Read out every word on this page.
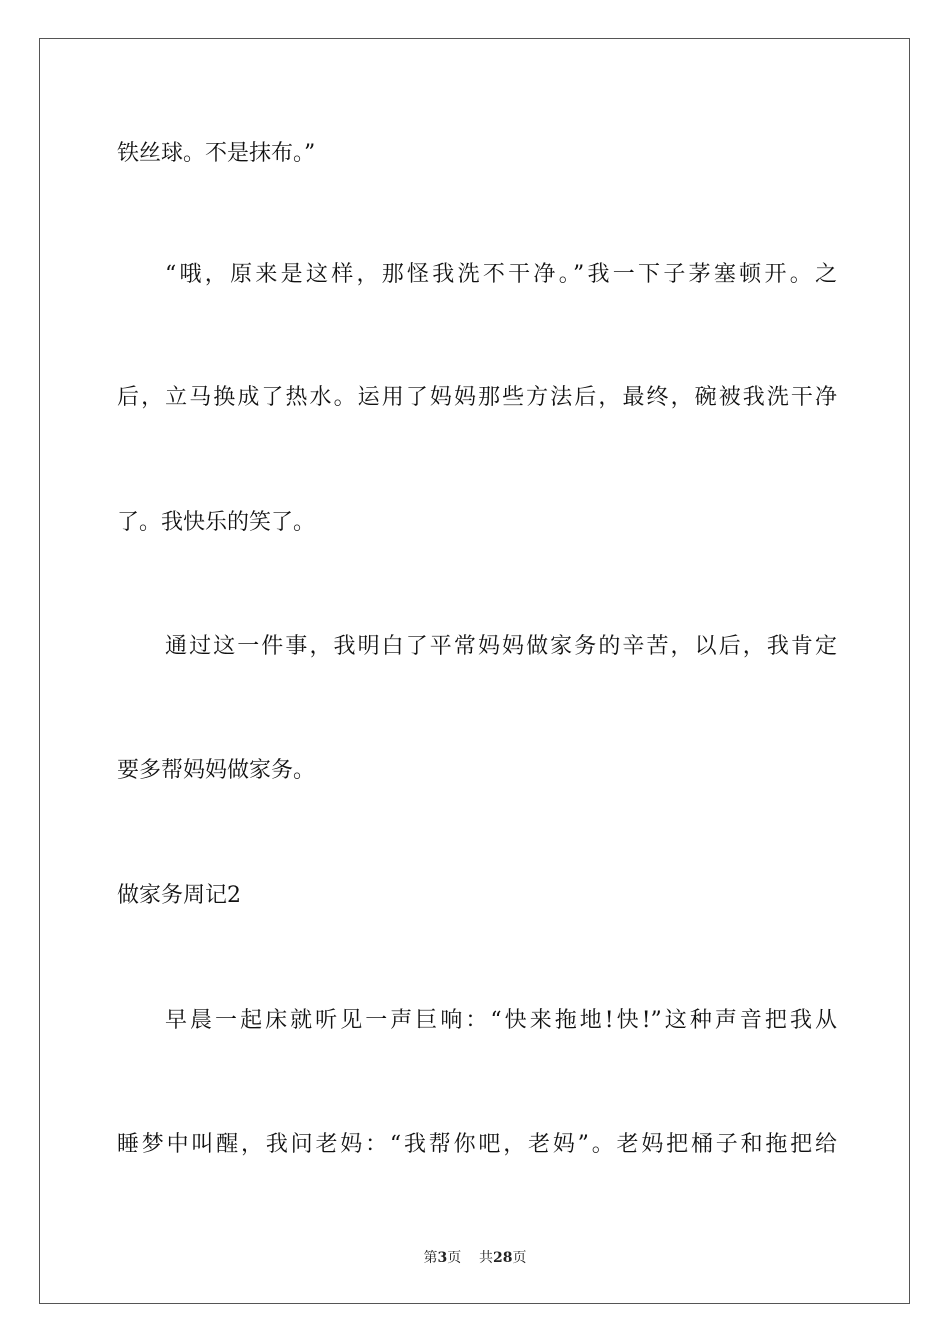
铁丝球。不是抹布。”

“哦，原来是这样，那怪我洗不干净。”我一下子茅塞顿开。之

后，立马换成了热水。运用了妈妈那些方法后，最终，碗被我洗干净

了。我快乐的笑了。

通过这一件事，我明白了平常妈妈做家务的辛苦，以后，我肯定

要多帮妈妈做家务。

做家务周记2

早晨一起床就听见一声巨响：“快来拖地!快!”这种声音把我从

睡梦中叫醒，我问老妈：“我帮你吧，老妈”。老妈把桶子和拖把给

第3页 共28页
